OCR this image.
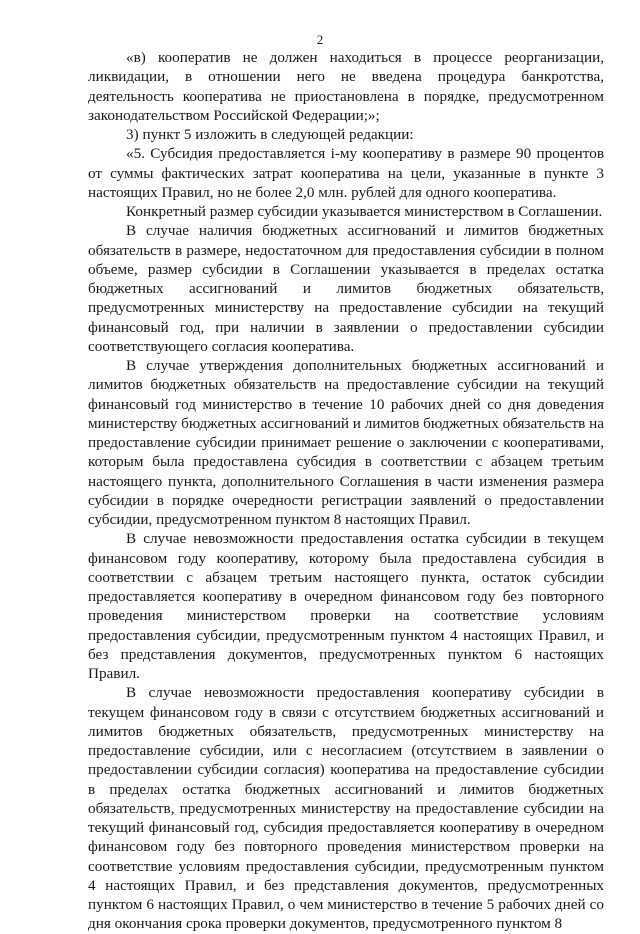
2

«в) кооператив не должен находиться в процессе реорганизации, ликвидации, в отношении него не введена процедура банкротства, деятельность кооператива не приостановлена в порядке, предусмотренном законодательством Российской Федерации;»;

3) пункт 5 изложить в следующей редакции:

«5. Субсидия предоставляется i-му кооперативу в размере 90 процентов от суммы фактических затрат кооператива на цели, указанные в пункте 3 настоящих Правил, но не более 2,0 млн. рублей для одного кооператива.

Конкретный размер субсидии указывается министерством в Соглашении.

В случае наличия бюджетных ассигнований и лимитов бюджетных обязательств в размере, недостаточном для предоставления субсидии в полном объеме, размер субсидии в Соглашении указывается в пределах остатка бюджетных ассигнований и лимитов бюджетных обязательств, предусмотренных министерству на предоставление субсидии на текущий финансовый год, при наличии в заявлении о предоставлении субсидии соответствующего согласия кооператива.

В случае утверждения дополнительных бюджетных ассигнований и лимитов бюджетных обязательств на предоставление субсидии на текущий финансовый год министерство в течение 10 рабочих дней со дня доведения министерству бюджетных ассигнований и лимитов бюджетных обязательств на предоставление субсидии принимает решение о заключении с кооперативами, которым была предоставлена субсидия в соответствии с абзацем третьим настоящего пункта, дополнительного Соглашения в части изменения размера субсидии в порядке очередности регистрации заявлений о предоставлении субсидии, предусмотренном пунктом 8 настоящих Правил.

В случае невозможности предоставления остатка субсидии в текущем финансовом году кооперативу, которому была предоставлена субсидия в соответствии с абзацем третьим настоящего пункта, остаток субсидии предоставляется кооперативу в очередном финансовом году без повторного проведения министерством проверки на соответствие условиям предоставления субсидии, предусмотренным пунктом 4 настоящих Правил, и без представления документов, предусмотренных пунктом 6 настоящих Правил.

В случае невозможности предоставления кооперативу субсидии в текущем финансовом году в связи с отсутствием бюджетных ассигнований и лимитов бюджетных обязательств, предусмотренных министерству на предоставление субсидии, или с несогласием (отсутствием в заявлении о предоставлении субсидии согласия) кооператива на предоставление субсидии в пределах остатка бюджетных ассигнований и лимитов бюджетных обязательств, предусмотренных министерству на предоставление субсидии на текущий финансовый год, субсидия предоставляется кооперативу в очередном финансовом году без повторного проведения министерством проверки на соответствие условиям предоставления субсидии, предусмотренным пунктом 4 настоящих Правил, и без представления документов, предусмотренных пунктом 6 настоящих Правил, о чем министерство в течение 5 рабочих дней со дня окончания срока проверки документов, предусмотренного пунктом 8
